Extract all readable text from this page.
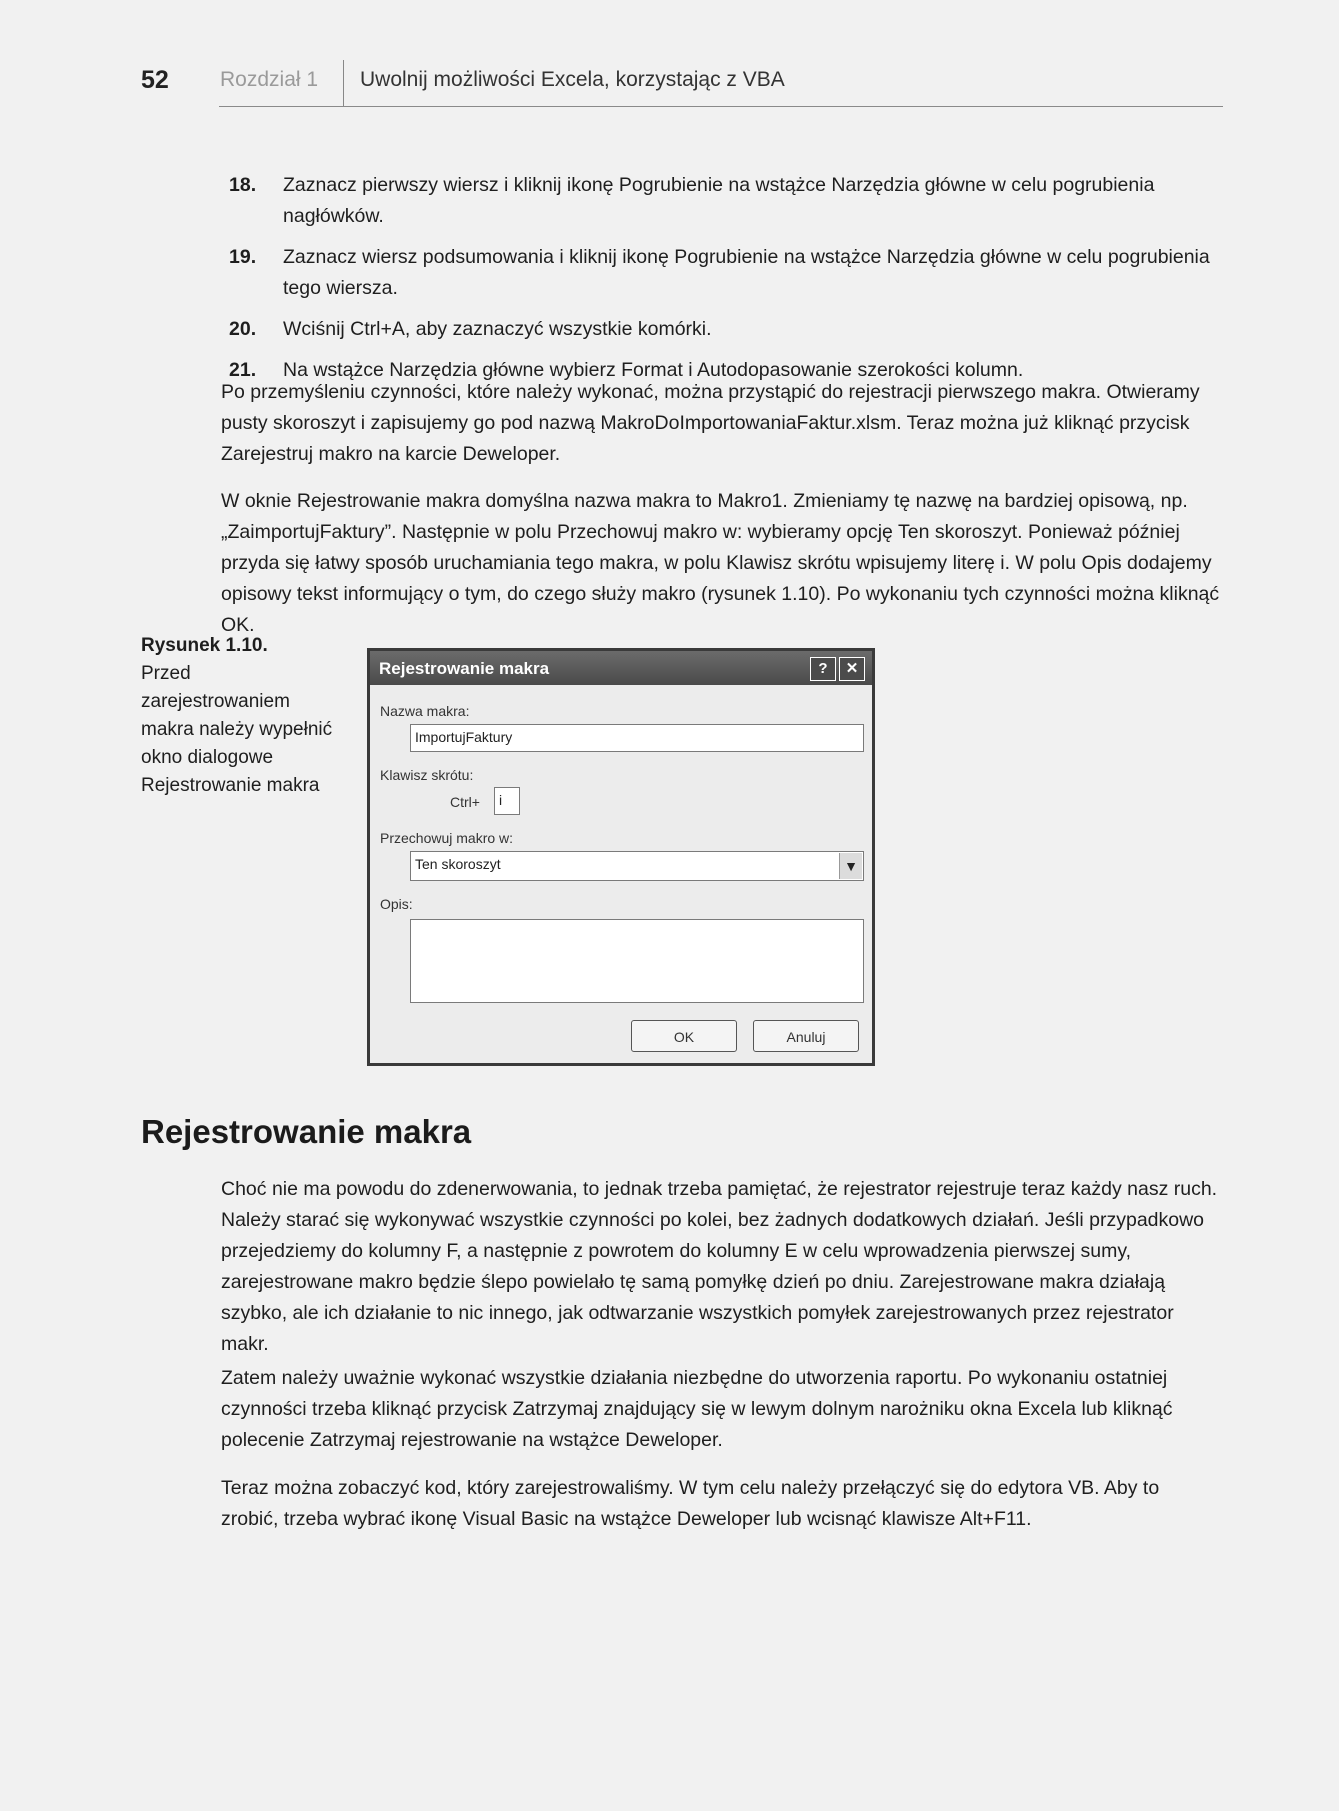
52 Rozdział 1 Uwolnij możliwości Excela, korzystając z VBA
18. Zaznacz pierwszy wiersz i kliknij ikonę Pogrubienie na wstążce Narzędzia główne w celu pogrubienia nagłówków.
19. Zaznacz wiersz podsumowania i kliknij ikonę Pogrubienie na wstążce Narzędzia główne w celu pogrubienia tego wiersza.
20. Wciśnij Ctrl+A, aby zaznaczyć wszystkie komórki.
21. Na wstążce Narzędzia główne wybierz Format i Autodopasowanie szerokości kolumn.

Po przemyśleniu czynności, które należy wykonać, można przystąpić do rejestracji pierwszego makra. Otwieramy pusty skoroszyt i zapisujemy go pod nazwą MakroDoImportowaniaFaktur.xlsm. Teraz można już kliknąć przycisk Zarejestruj makro na karcie Deweloper.

W oknie Rejestrowanie makra domyślna nazwa makra to Makro1. Zmieniamy tę nazwę na bardziej opisową, np. „ZaimportujFaktury”. Następnie w polu Przechowuj makro w: wybieramy opcję Ten skoroszyt. Ponieważ później przyda się łatwy sposób uruchamiania tego makra, w polu Klawisz skrótu wpisujemy literę i. W polu Opis dodajemy opisowy tekst informujący o tym, do czego służy makro (rysunek 1.10). Po wykonaniu tych czynności można kliknąć OK.

Rysunek 1.10.
Przed zarejestrowaniem makra należy wypełnić okno dialogowe Rejestrowanie makra
Rejestrowanie makra	?	✕
Nazwa makra:
ImportujFaktury
Klawisz skrótu:
Ctrl+	i
Przechowuj makro w:
Ten skoroszyt	▼
Opis:
OK	Anuluj
Rejestrowanie makra

Choć nie ma powodu do zdenerwowania, to jednak trzeba pamiętać, że rejestrator rejestruje teraz każdy nasz ruch. Należy starać się wykonywać wszystkie czynności po kolei, bez żadnych dodatkowych działań. Jeśli przypadkowo przejedziemy do kolumny F, a następnie z powrotem do kolumny E w celu wprowadzenia pierwszej sumy, zarejestrowane makro będzie ślepo powielało tę samą pomyłkę dzień po dniu. Zarejestrowane makra działają szybko, ale ich działanie to nic innego, jak odtwarzanie wszystkich pomyłek zarejestrowanych przez rejestrator makr.

Zatem należy uważnie wykonać wszystkie działania niezbędne do utworzenia raportu. Po wykonaniu ostatniej czynności trzeba kliknąć przycisk Zatrzymaj znajdujący się w lewym dolnym narożniku okna Excela lub kliknąć polecenie Zatrzymaj rejestrowanie na wstążce Deweloper.

Teraz można zobaczyć kod, który zarejestrowaliśmy. W tym celu należy przełączyć się do edytora VB. Aby to zrobić, trzeba wybrać ikonę Visual Basic na wstążce Deweloper lub wcisnąć klawisze Alt+F11.
